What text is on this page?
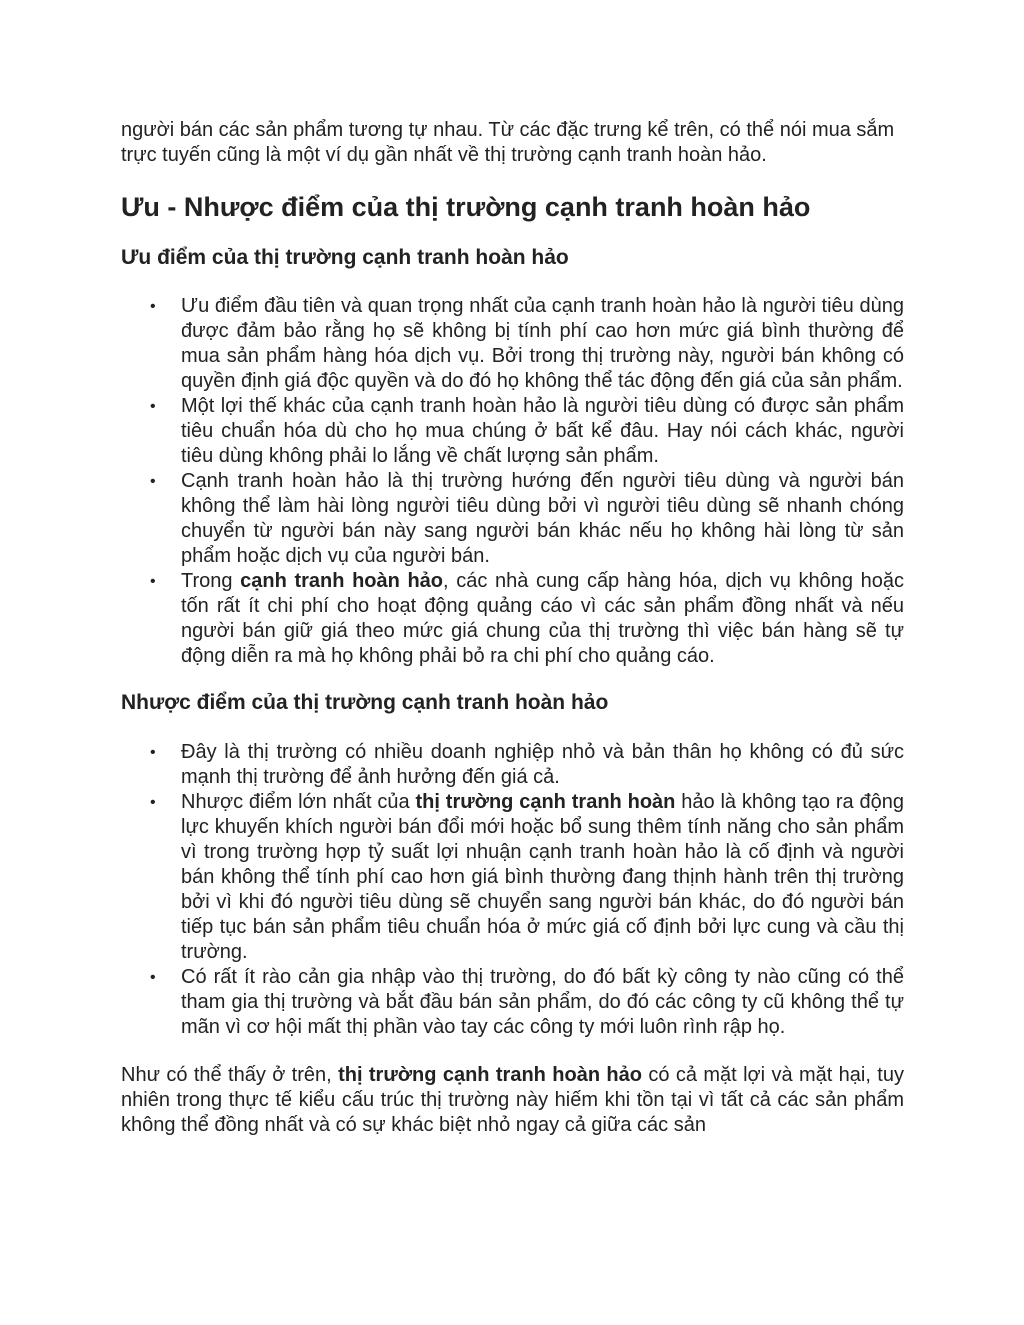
người bán các sản phẩm tương tự nhau. Từ các đặc trưng kể trên, có thể nói mua sắm trực tuyến cũng là một ví dụ gần nhất về thị trường cạnh tranh hoàn hảo.

Ưu - Nhược điểm của thị trường cạnh tranh hoàn hảo
Ưu điểm của thị trường cạnh tranh hoàn hảo
• Ưu điểm đầu tiên và quan trọng nhất của cạnh tranh hoàn hảo là người tiêu dùng được đảm bảo rằng họ sẽ không bị tính phí cao hơn mức giá bình thường để mua sản phẩm hàng hóa dịch vụ. Bởi trong thị trường này, người bán không có quyền định giá độc quyền và do đó họ không thể tác động đến giá của sản phẩm.
• Một lợi thế khác của cạnh tranh hoàn hảo là người tiêu dùng có được sản phẩm tiêu chuẩn hóa dù cho họ mua chúng ở bất kể đâu. Hay nói cách khác, người tiêu dùng không phải lo lắng về chất lượng sản phẩm.
• Cạnh tranh hoàn hảo là thị trường hướng đến người tiêu dùng và người bán không thể làm hài lòng người tiêu dùng bởi vì người tiêu dùng sẽ nhanh chóng chuyển từ người bán này sang người bán khác nếu họ không hài lòng từ sản phẩm hoặc dịch vụ của người bán.
• Trong cạnh tranh hoàn hảo, các nhà cung cấp hàng hóa, dịch vụ không hoặc tốn rất ít chi phí cho hoạt động quảng cáo vì các sản phẩm đồng nhất và nếu người bán giữ giá theo mức giá chung của thị trường thì việc bán hàng sẽ tự động diễn ra mà họ không phải bỏ ra chi phí cho quảng cáo.
Nhược điểm của thị trường cạnh tranh hoàn hảo
• Đây là thị trường có nhiều doanh nghiệp nhỏ và bản thân họ không có đủ sức mạnh thị trường để ảnh hưởng đến giá cả.
• Nhược điểm lớn nhất của thị trường cạnh tranh hoàn hảo là không tạo ra động lực khuyến khích người bán đổi mới hoặc bổ sung thêm tính năng cho sản phẩm vì trong trường hợp tỷ suất lợi nhuận cạnh tranh hoàn hảo là cố định và người bán không thể tính phí cao hơn giá bình thường đang thịnh hành trên thị trường bởi vì khi đó người tiêu dùng sẽ chuyển sang người bán khác, do đó người bán tiếp tục bán sản phẩm tiêu chuẩn hóa ở mức giá cố định bởi lực cung và cầu thị trường.
• Có rất ít rào cản gia nhập vào thị trường, do đó bất kỳ công ty nào cũng có thể tham gia thị trường và bắt đầu bán sản phẩm, do đó các công ty cũ không thể tự mãn vì cơ hội mất thị phần vào tay các công ty mới luôn rình rập họ.

Như có thể thấy ở trên, thị trường cạnh tranh hoàn hảo có cả mặt lợi và mặt hại, tuy nhiên trong thực tế kiểu cấu trúc thị trường này hiếm khi tồn tại vì tất cả các sản phẩm không thể đồng nhất và có sự khác biệt nhỏ ngay cả giữa các sản
